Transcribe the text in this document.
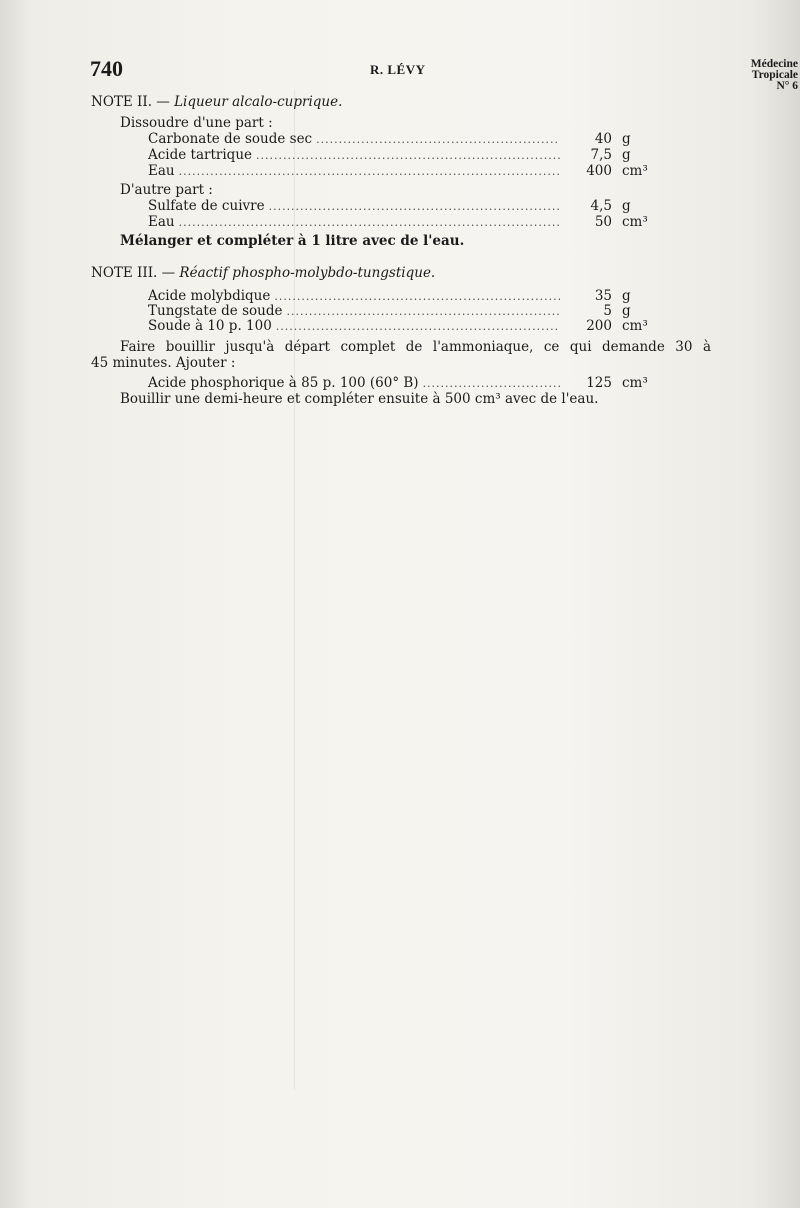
740	R. LÉVY	Médecine
Tropicale
N° 6
NOTE II. — Liqueur alcalo-cuprique.
Dissoudre d'une part :
Carbonate de soude sec .....	40 g
Acide tartrique .....	7,5 g
Eau .....	400 cm³
D'autre part :
Sulfate de cuivre .....	4,5 g
Eau .....	50 cm³
Mélanger et compléter à 1 litre avec de l'eau.
NOTE III. — Réactif phospho-molybdo-tungstique.
Acide molybdique .....	35 g
Tungstate de soude .....	5 g
Soude à 10 p. 100 .....	200 cm³
Faire bouillir jusqu'à départ complet de l'ammoniaque, ce qui demande 30 à
45 minutes. Ajouter :
Acide phosphorique à 85 p. 100 (60° B) .....	125 cm³
Bouillir une demi-heure et compléter ensuite à 500 cm³ avec de l'eau.
